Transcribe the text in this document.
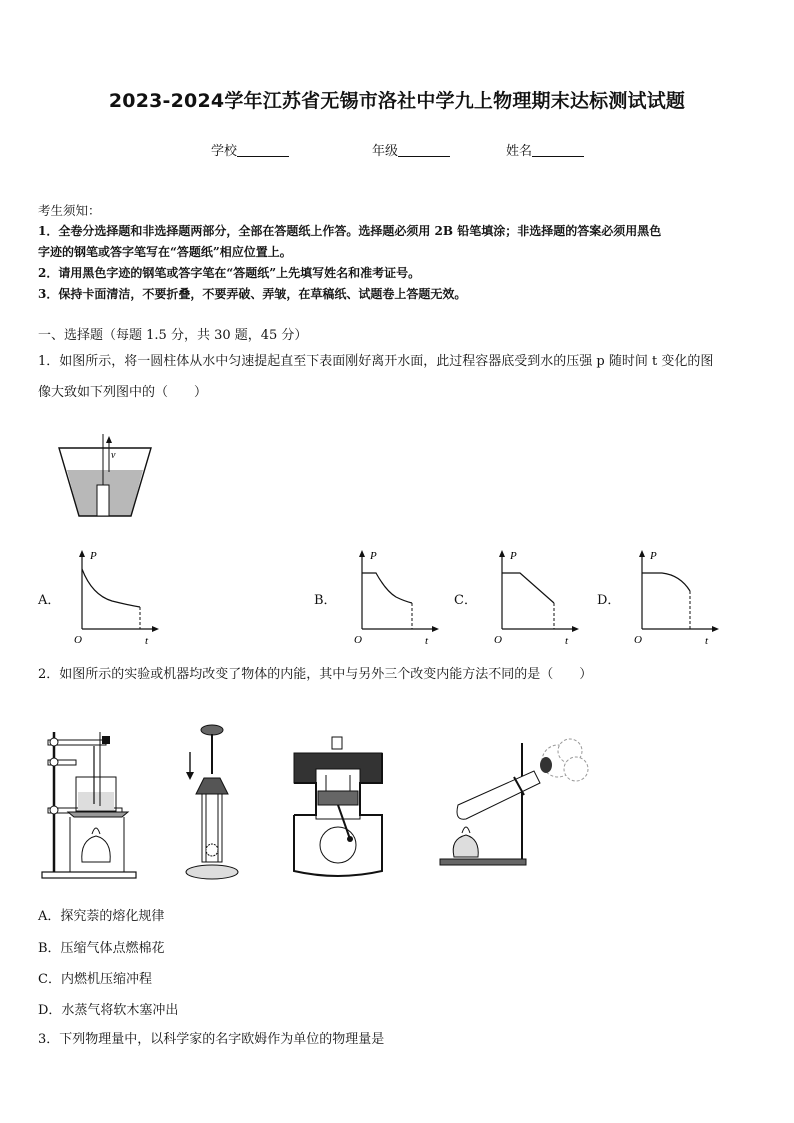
2023-2024学年江苏省无锡市洛社中学九上物理期末达标测试试题
学校	年级	姓名
考生须知：
1．全卷分选择题和非选择题两部分，全部在答题纸上作答。选择题必须用 2B 铅笔填涂；非选择题的答案必须用黑色
字迹的钢笔或答字笔写在“答题纸”相应位置上。
2．请用黑色字迹的钢笔或答字笔在“答题纸”上先填写姓名和准考证号。
3．保持卡面清洁，不要折叠，不要弄破、弄皱，在草稿纸、试题卷上答题无效。
一、选择题（每题 1.5 分，共 30 题，45 分）
1．如图所示，将一圆柱体从水中匀速提起直至下表面刚好离开水面，此过程容器底受到水的压强 p 随时间 t 变化的图
像大致如下列图中的（　　）
v
A．
P
O	t
B．
P
O	t
C．
P
O	t
D．
P
O	t
2．如图所示的实验或机器均改变了物体的内能，其中与另外三个改变内能方法不同的是（　　）
A．探究萘的熔化规律
B．压缩气体点燃棉花
C．内燃机压缩冲程
D．水蒸气将软木塞冲出
3．下列物理量中，以科学家的名字欧姆作为单位的物理量是
